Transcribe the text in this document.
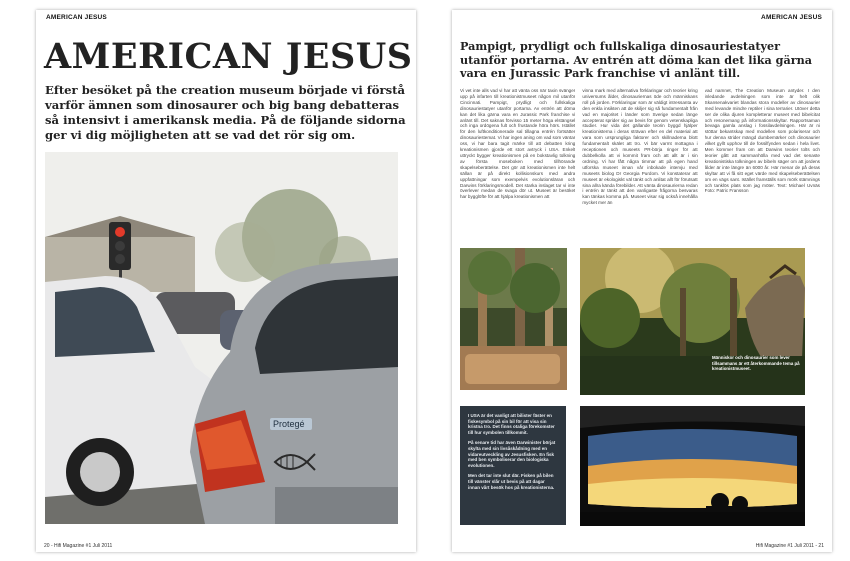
AMERICAN JESUS
AMERICAN JESUS

Efter besöket på the creation museum började vi förstå varför ämnen som dinosaurer och big bang debatteras så intensivt i amerikansk media. På de följande sidorna ger vi dig möjligheten att se vad det rör sig om.

Protegé
20 - Hifi Magazine #1 Juli 2011
AMERICAN JESUS
Pampigt, prydligt och fullskaliga dinosauriestatyer utanför portarna. Av entrén att döma kan det lika gärna vara en Jurassic Park franchise vi anlänt till.

Vi vet inte alls vad vi har att vänta oss när taxin svänger upp på infarten till kreationistmuseet någon mil utanför Cincinnati. Pampigt, prydligt och fullskaliga dinosauriestatyer utanför portarna. Av entrén att döma kan det lika gärna vara en Jurassic Park franchise vi anlänt till. Det saknas förvisso 15 meter höga elstängsel och inga ordögena fult och frustande höra hörs. Istället för den luftkonditionerade sal tillagna entrén fortsätter dinosauriestemat. Vi har ingen aning om vad som väntar oss, vi har bara tagit märke till att debatten kring kreationismen gjorde ett stort avtryck i USA. Enkelt uttryckt bygger kreationismen på en bokstavlig tolkning av första moseboken med tillhörande skapelseberättelse. Det gör att kreationismen inte helt sällan är på direkt kollisionskurs med andra uppfattningar som exempelvis evolutionsläran och Darwins förklaringsmodell. Det starka inslaget tar vi inte överlever medan de svaga dör ut. Museet är besöket har bygglöfte för att hjälpa kreationismen att

vinna mark med alternativa förklaringar och teorier kring universums ålder, dinosauriernas öde och människans roll på jorden. Förklaringar som är väldigt intressanta av den enkla insikten att de skiljer sig så fundamentalt från vad en majoritet i länder som Sverige sedan länge accepterat sprider sig av bevis för genom vetenskapliga studier. Hur vida det gällande teorin byggd hjälper kreationisterna i deras strävan efter en del material att vara som ursprungliga faktorer och skillnaderna blott fundamentalt skälet att tro. Vi bär varmt mottagna i receptionen och museets PR-börja ringer för att dubbelkolla att vi kommit fram och att allt är i sin ordning. Vi har fått några timmar att på egen hand utforska museet innan vår inbokade intervju med museets biolog Dr Georgia Purdom. Vi konstaterar att museet är ekologiskt väl tänkt och anlitat allt för förutsatt sina allra kända förebilder. Att vänta dinosaurierna redan i entrén är tänkt att den vanligaste frågorna besvaras kan tänkas komma på. Museet visar sig också innehålla mycket mer än

vad namnet, The Creation Museum antyder. I den inledande avdelningen som inte är helt olik Skansenakvariet blandas stora modeller av dinosaurier med levande mindre reptiler i sina terrarier. Utöver detta ser de olika djuren kompletterar museet med bibelcitat och resonemang på informationsskyltar. Rapportsaman bevaga gamla anslag i fossilavdelningen. Här är ni stöttar bekantskap med modellen som polariserar och hur denna strider mängd dumbemärker och dinosaurier vilket gyllt upphov till de fossilfynden sedan i hela livet. Men kommer fram om att Darwins teorier tolts och teorier gått att sammanhölla med vad det senaste kreationistiska tolkningen av bibeln säger om att jordens ålder är inte längre än 6000 år. Här menar de på deras skyltar att vi få sitt eget värde med skapelseberättelsen om en vägs sant. Istället framställs som mörk stämnings och tanklös plats som jag möter. Text: Michael Uvnäs Foto: Patric Fransson

Människor och dinosaurier som lever tillsammans är ett återkommande tema på kreationistmuseet.

I USA är det vanligt att bilister fäster en fiskesymbol på sin bil för att visa sin kristna tro. Det finns otaliga förekomster till hur symbolen tillkommit.

På senare tid har även Darwinister börjat skylta med sin livsåskådning med en vidareutveckling av Jesusfisken. En fisk med ben symboliserar den biologiska evolutionen.

Men det tar inte slut där. Fisken på bilen till vänster slår ut bevis på att dagar innan vårt besök hos på kreationisterna.

Hifi Magazine #1 Juli 2011 - 21
